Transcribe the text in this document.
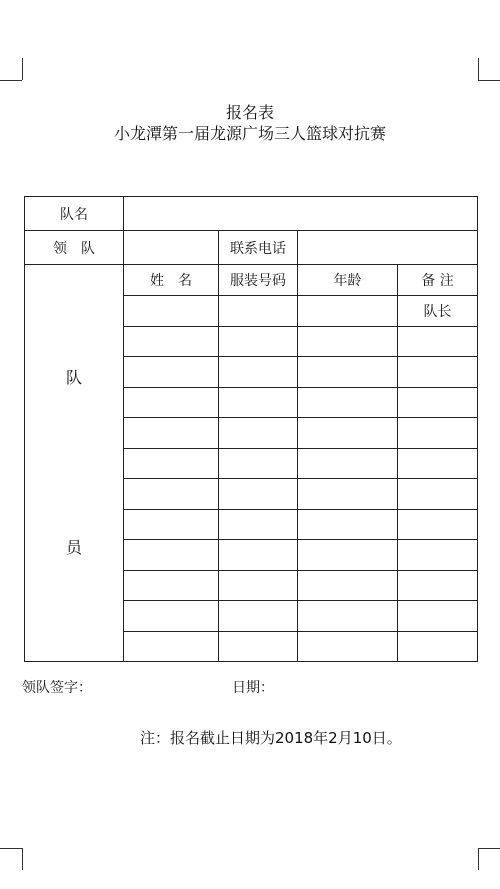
报名表
小龙潭第一届龙源广场三人篮球对抗赛
队名				
领　队		联系电话		

队
员	姓　名	服装号码	年龄	备 注
				队长

领队签字：	日期：
注：报名截止日期为2018年2月10日。
